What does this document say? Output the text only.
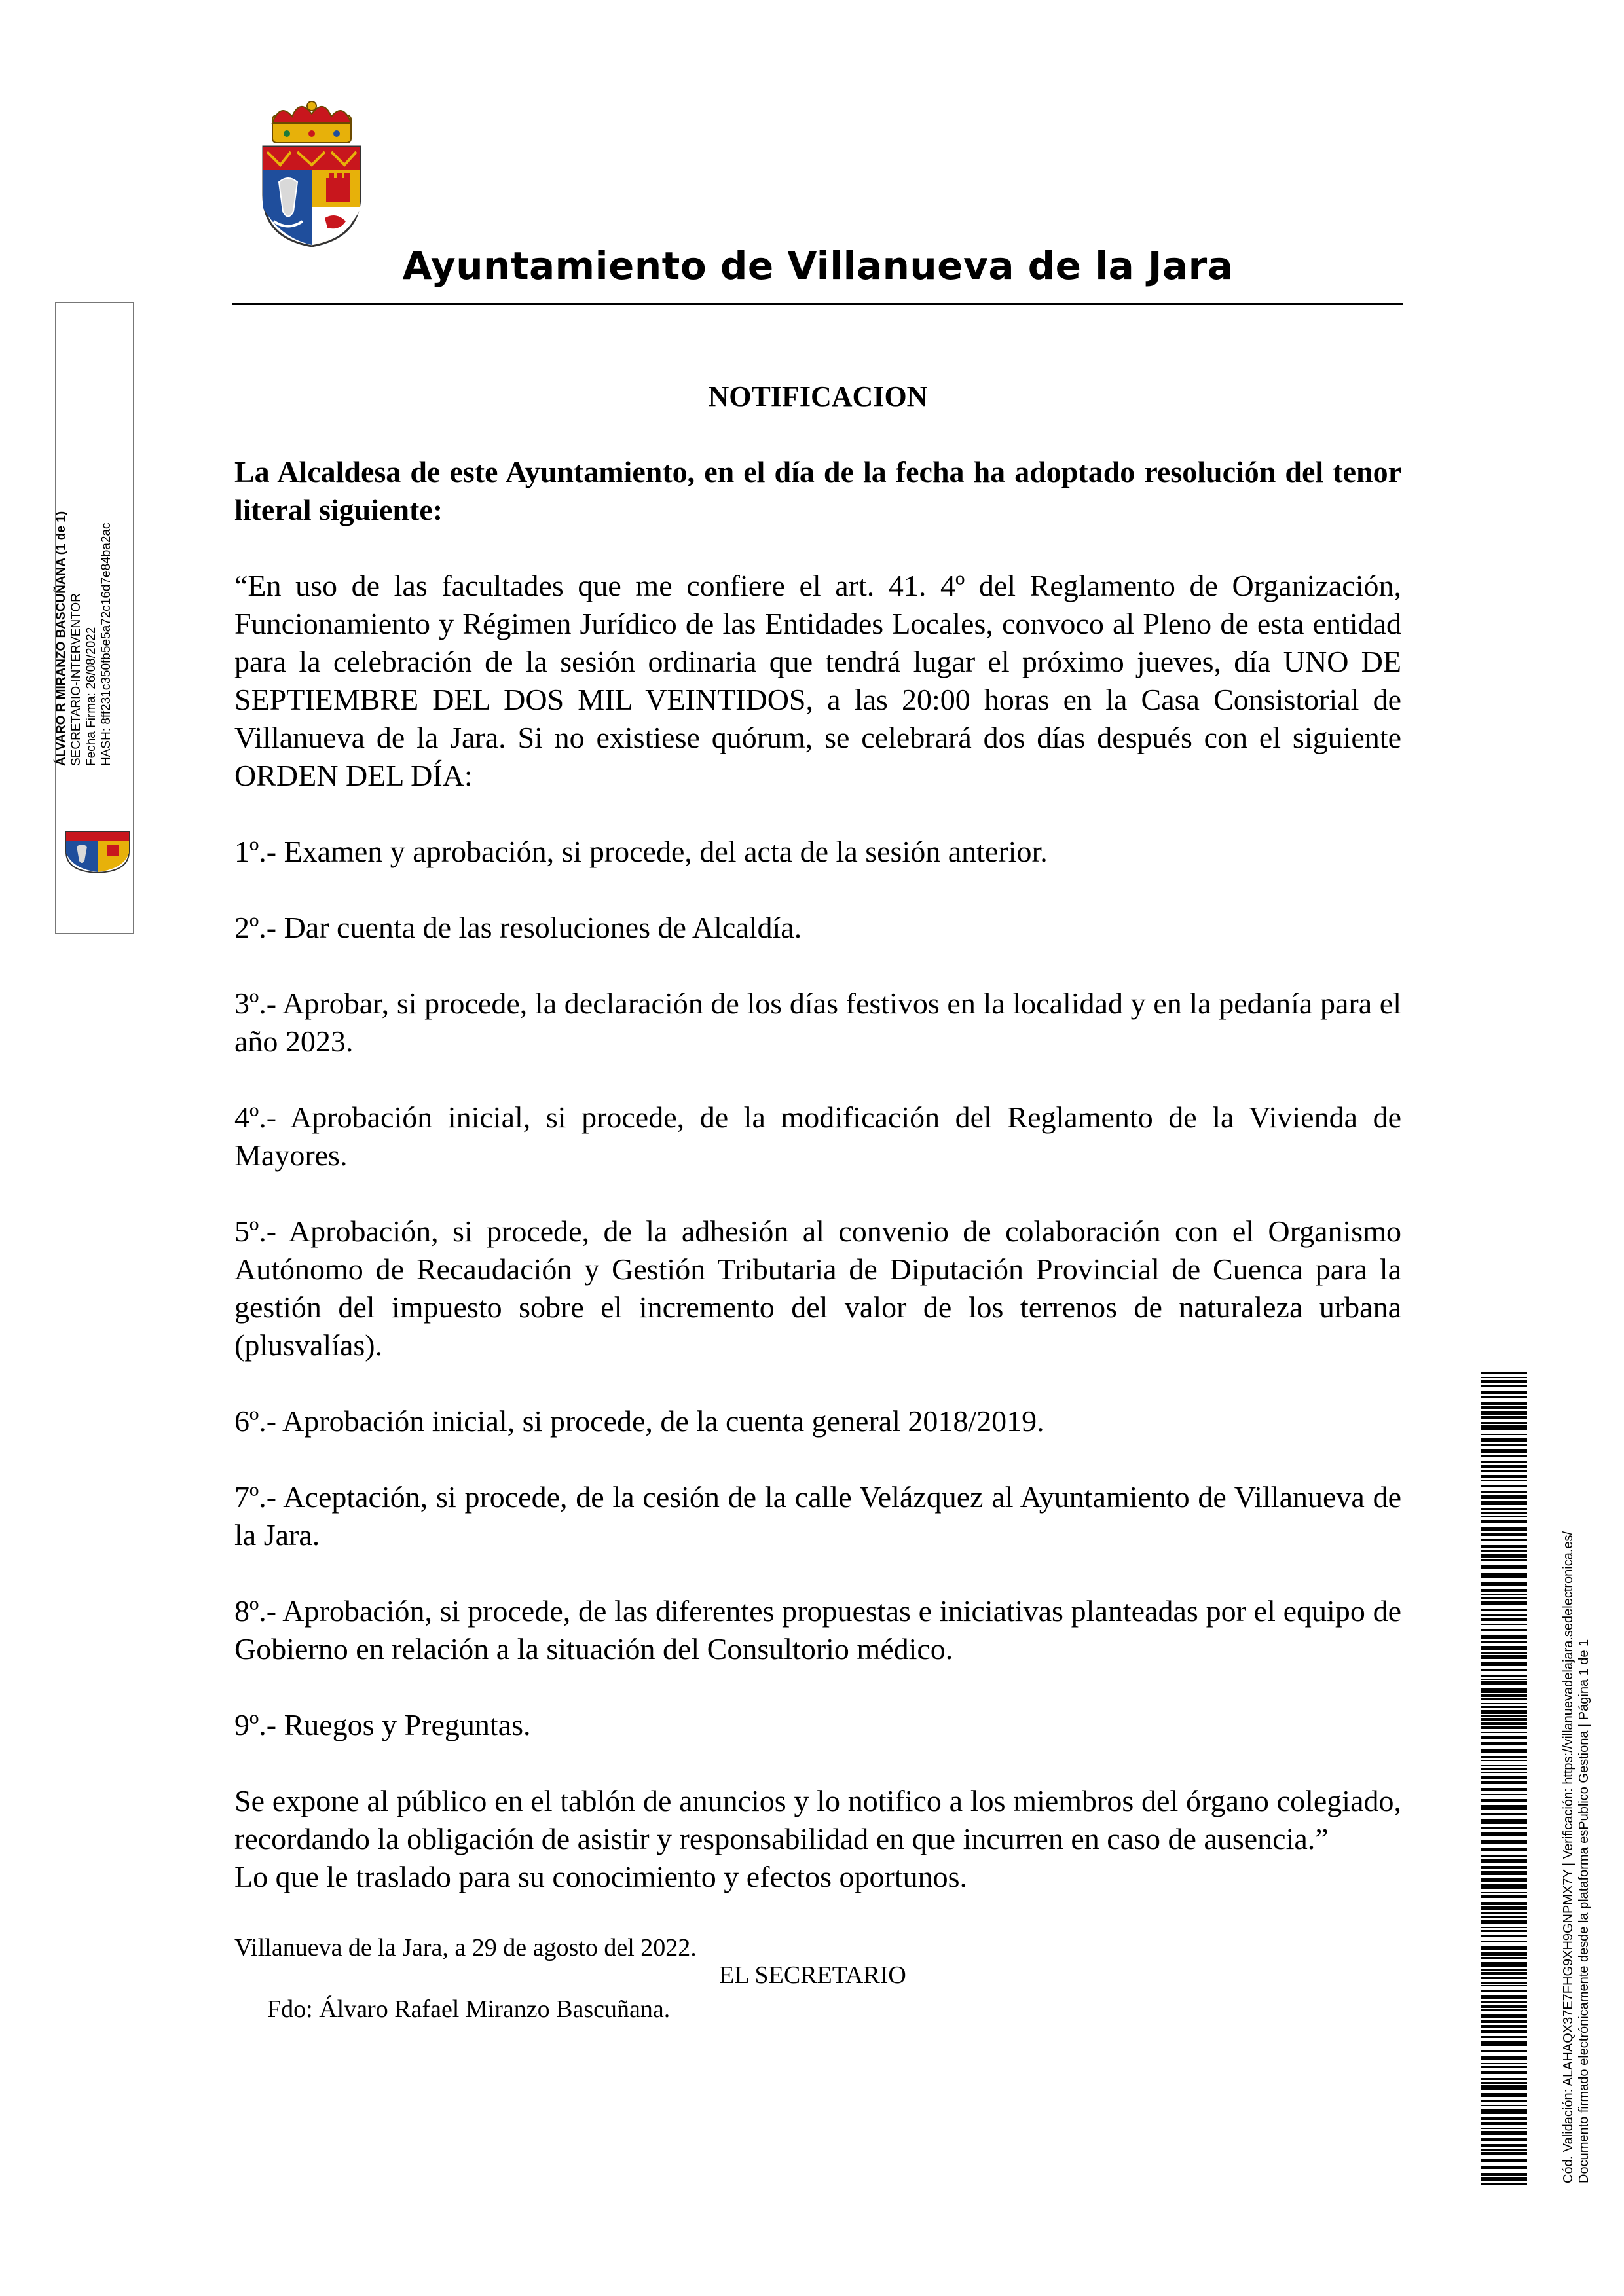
Ayuntamiento de Villanueva de la Jara
ÁLVARO R MIRANZO BASCUÑANA (1 de 1) SECRETARIO-INTERVENTOR Fecha Firma: 26/08/2022 HASH: 8ff231c350fb5e5a72c16d7e84ba2ac
NOTIFICACION

La Alcaldesa de este Ayuntamiento, en el día de la fecha ha adoptado resolución del tenor literal siguiente:

“En uso de las facultades que me confiere el art. 41. 4º del Reglamento de Organización, Funcionamiento y Régimen Jurídico de las Entidades Locales, convoco al Pleno de esta entidad para la celebración de la sesión ordinaria que tendrá lugar el próximo jueves, día UNO DE SEPTIEMBRE DEL DOS MIL VEINTIDOS, a las 20:00 horas en la Casa Consistorial de Villanueva de la Jara. Si no existiese quórum, se celebrará dos días después con el siguiente ORDEN DEL DÍA:

1º.- Examen y aprobación, si procede, del acta de la sesión anterior.

2º.- Dar cuenta de las resoluciones de Alcaldía.

3º.- Aprobar, si procede, la declaración de los días festivos en la localidad y en la pedanía para el año 2023.

4º.- Aprobación inicial, si procede, de la modificación del Reglamento de la Vivienda de Mayores.

5º.- Aprobación, si procede, de la adhesión al convenio de colaboración con el Organismo Autónomo de Recaudación y Gestión Tributaria de Diputación Provincial de Cuenca para la gestión del impuesto sobre el incremento del valor de los terrenos de naturaleza urbana (plusvalías).

6º.- Aprobación inicial, si procede, de la cuenta general 2018/2019.

7º.- Aceptación, si procede, de la cesión de la calle Velázquez al Ayuntamiento de Villanueva de la Jara.

8º.- Aprobación, si procede, de las diferentes propuestas e iniciativas planteadas por el equipo de Gobierno en relación a la situación del Consultorio médico.

9º.- Ruegos y Preguntas.

Se expone al público en el tablón de anuncios y lo notifico a los miembros del órgano colegiado, recordando la obligación de asistir y responsabilidad en que incurren en caso de ausencia.”

Lo que le traslado para su conocimiento y efectos oportunos.

Villanueva de la Jara, a 29 de agosto del 2022.
EL SECRETARIO
Fdo: Álvaro Rafael Miranzo Bascuñana.	Cód. Validación: ALAHAQX37E7FHG9XH9GNPMX7Y | Verificación: https://villanuevadelajara.sedelectronica.es/ Documento firmado electrónicamente desde la plataforma esPublico Gestiona | Página 1 de 1
